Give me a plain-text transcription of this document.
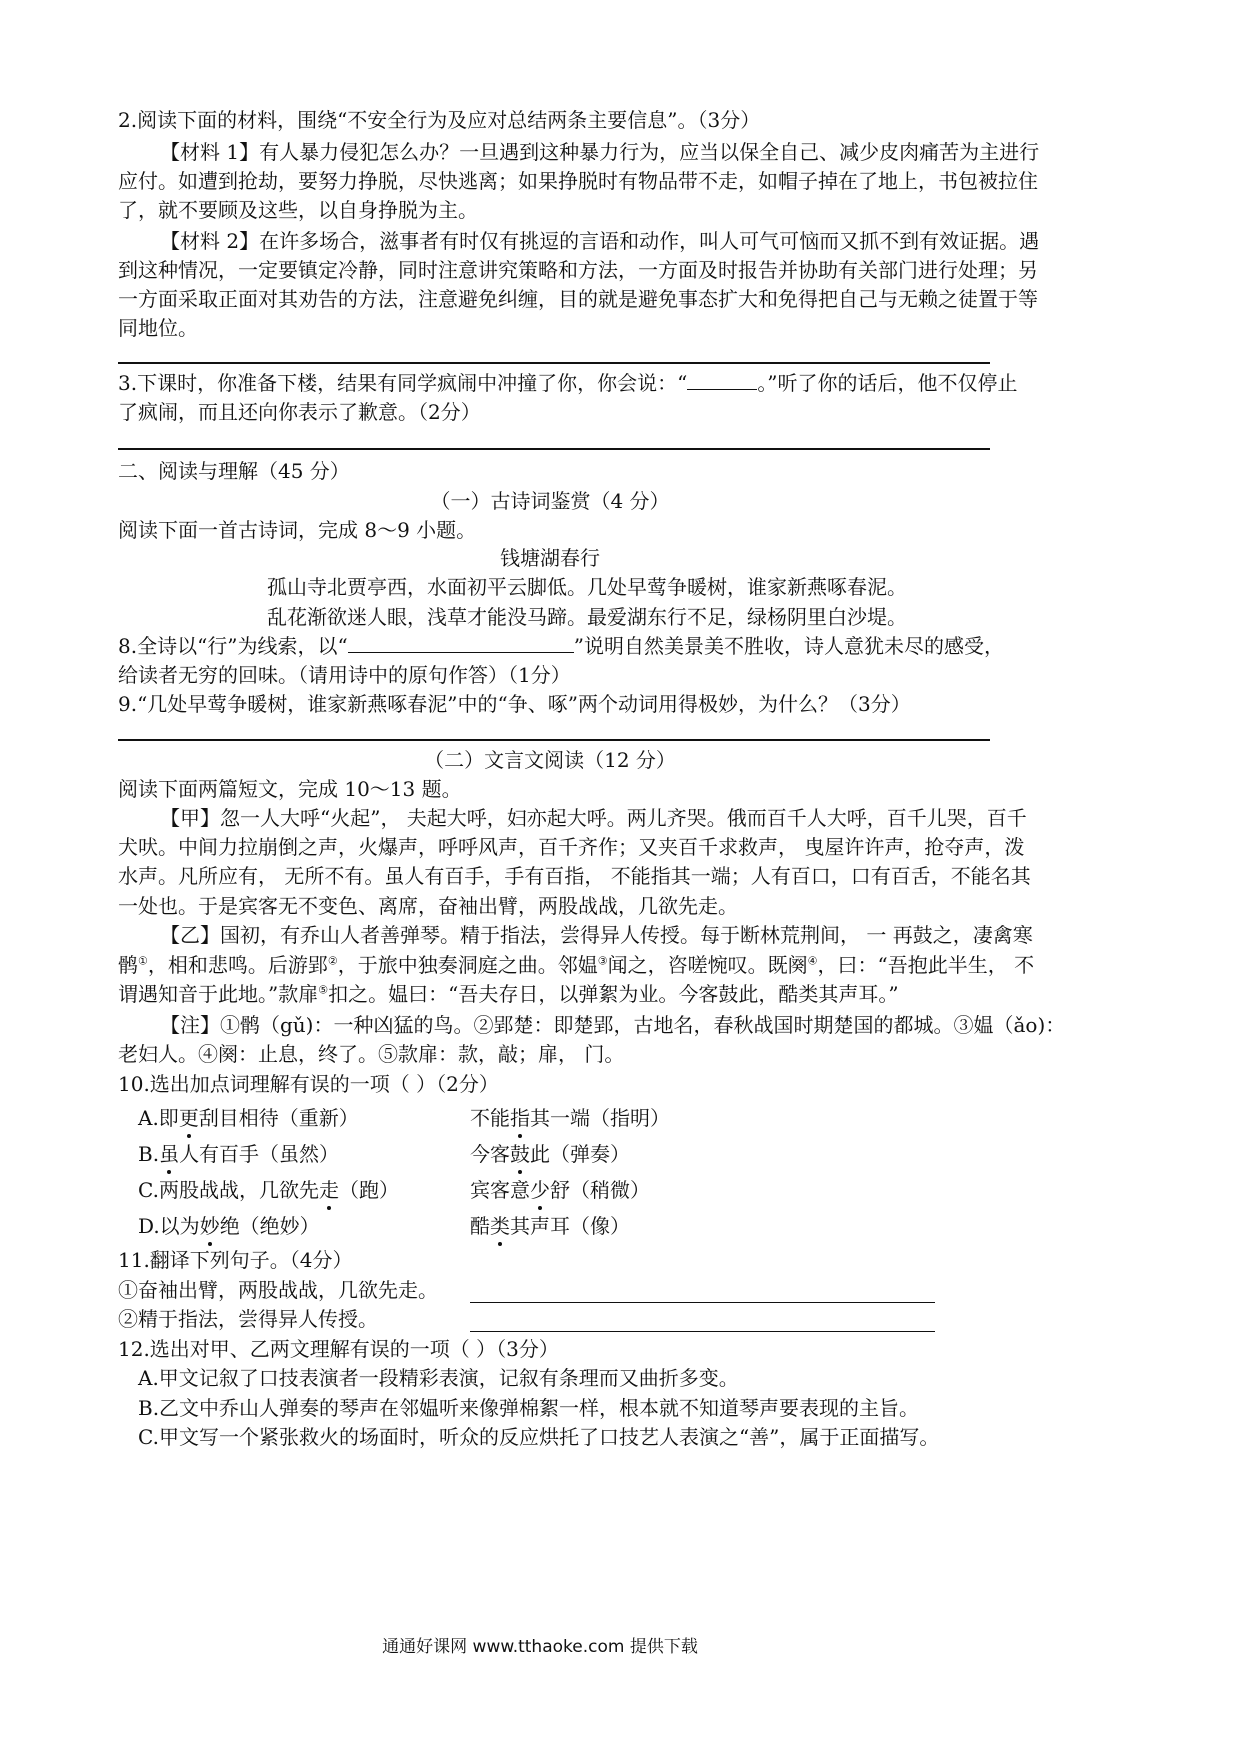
2.阅读下面的材料，围绕“不安全行为及应对总结两条主要信息”。（3分）
【材料 1】有人暴力侵犯怎么办？一旦遇到这种暴力行为，应当以保全自己、减少皮肉痛苦为主进行
应付。如遭到抢劫，要努力挣脱，尽快逃离；如果挣脱时有物品带不走，如帽子掉在了地上，书包被拉住
了，就不要顾及这些，以自身挣脱为主。
【材料 2】在许多场合，滋事者有时仅有挑逗的言语和动作，叫人可气可恼而又抓不到有效证据。遇
到这种情况，一定要镇定冷静，同时注意讲究策略和方法，一方面及时报告并协助有关部门进行处理；另
一方面采取正面对其劝告的方法，注意避免纠缠，目的就是避免事态扩大和免得把自己与无赖之徒置于等
同地位。
3.下课时，你准备下楼，结果有同学疯闹中冲撞了你，你会说：“	。”听了你的话后，他不仅停止
了疯闹，而且还向你表示了歉意。（2分）
二、阅读与理解（45 分）
（一）古诗词鉴赏（4 分）
阅读下面一首古诗词，完成 8～9 小题。
钱塘湖春行
孤山寺北贾亭西，水面初平云脚低。几处早莺争暖树，谁家新燕啄春泥。
乱花渐欲迷人眼，浅草才能没马蹄。最爱湖东行不足，绿杨阴里白沙堤。
8.全诗以“行”为线索，以“	”说明自然美景美不胜收，诗人意犹未尽的感受，
给读者无穷的回味。（请用诗中的原句作答）（1分）
9.“几处早莺争暖树，谁家新燕啄春泥”中的“争、啄”两个动词用得极妙，为什么？（3分）
（二）文言文阅读（12 分）
阅读下面两篇短文，完成 10～13 题。
【甲】忽一人大呼“火起”， 夫起大呼，妇亦起大呼。两儿齐哭。俄而百千人大呼，百千儿哭，百千
犬吠。中间力拉崩倒之声，火爆声，呼呼风声，百千齐作；又夹百千求救声， 曳屋许许声，抢夺声，泼
水声。凡所应有， 无所不有。虽人有百手，手有百指， 不能指其一端；人有百口，口有百舌，不能名其
一处也。于是宾客无不变色、离席，奋袖出臂，两股战战，几欲先走。
【乙】国初，有乔山人者善弹琴。精于指法，尝得异人传授。每于断林荒荆间， 一 再鼓之，凄禽寒
鹘①，相和悲鸣。后游郢②，于旅中独奏洞庭之曲。邻媪③闻之，咨嗟惋叹。既阕④，曰：“吾抱此半生， 不
谓遇知音于此地。”款扉⑤扣之。媪曰：“吾夫存日，以弹絮为业。今客鼓此，酷类其声耳。”
【注】①鹘（gǔ)：一种凶猛的鸟。②郢楚：即楚郢，古地名，春秋战国时期楚国的都城。③媪（ǎo)：
老妇人。④阕：止息，终了。⑤款扉：款，敲；扉， 门。
10.选出加点词理解有误的一项（ ）（2分）
A.即更刮目相待（重新）	不能指其一端（指明）
B.虽人有百手（虽然）	今客鼓此（弹奏）
C.两股战战，几欲先走（跑）	宾客意少舒（稍微）
D.以为妙绝（绝妙）	酷类其声耳（像）
11.翻译下列句子。（4分）
①奋袖出臂，两股战战，几欲先走。
②精于指法，尝得异人传授。
12.选出对甲、乙两文理解有误的一项（ ）（3分）
A.甲文记叙了口技表演者一段精彩表演，记叙有条理而又曲折多变。
B.乙文中乔山人弹奏的琴声在邻媪听来像弹棉絮一样，根本就不知道琴声要表现的主旨。
C.甲文写一个紧张救火的场面时，听众的反应烘托了口技艺人表演之“善”，属于正面描写。
通通好课网 www.tthaoke.com 提供下载
